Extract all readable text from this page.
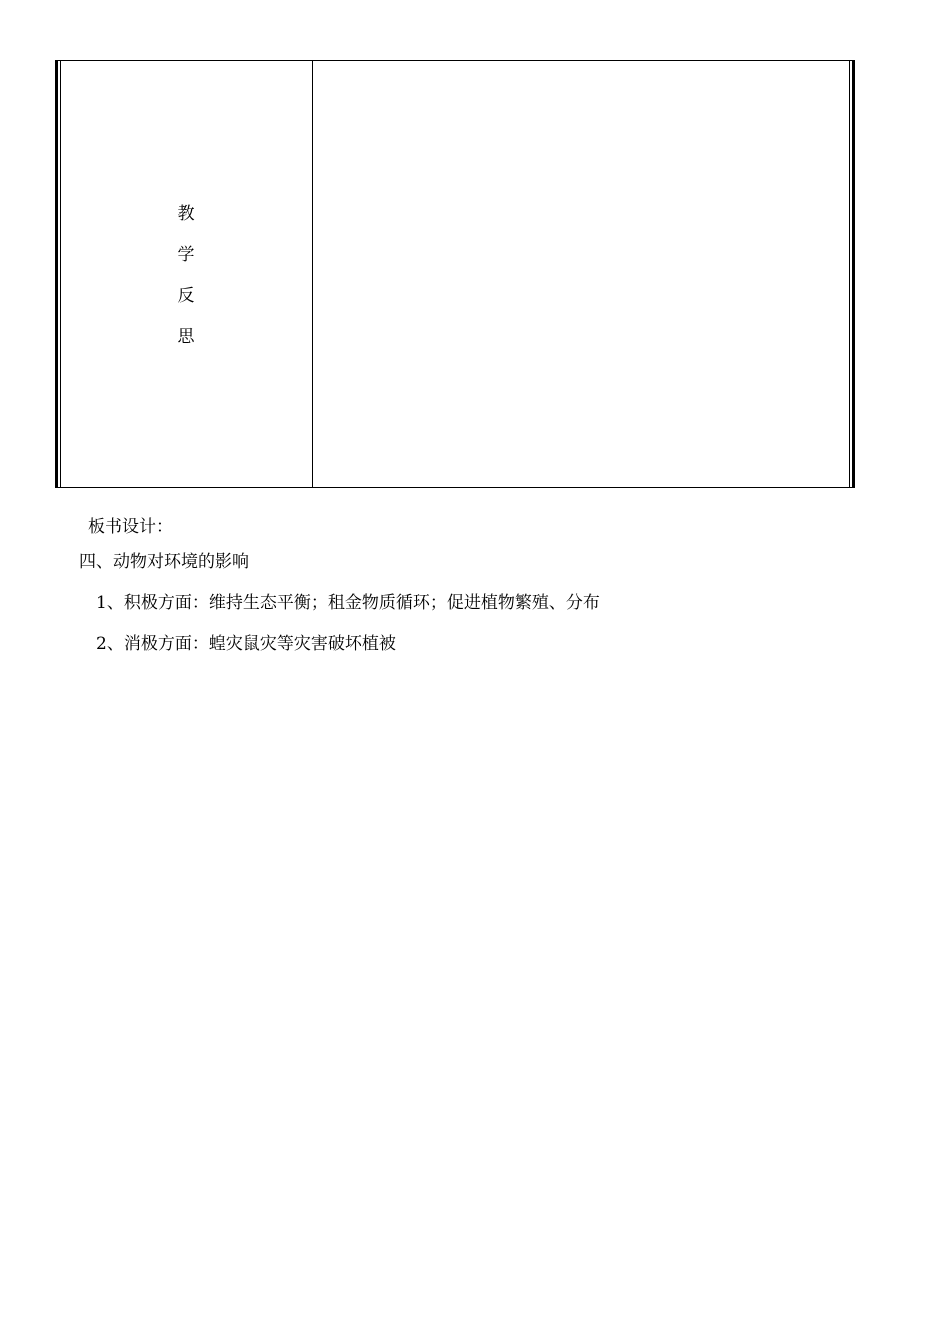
教
学
反
思
板书设计：
四、动物对环境的影响
1、积极方面：维持生态平衡；租金物质循环；促进植物繁殖、分布
2、消极方面：蝗灾鼠灾等灾害破坏植被
